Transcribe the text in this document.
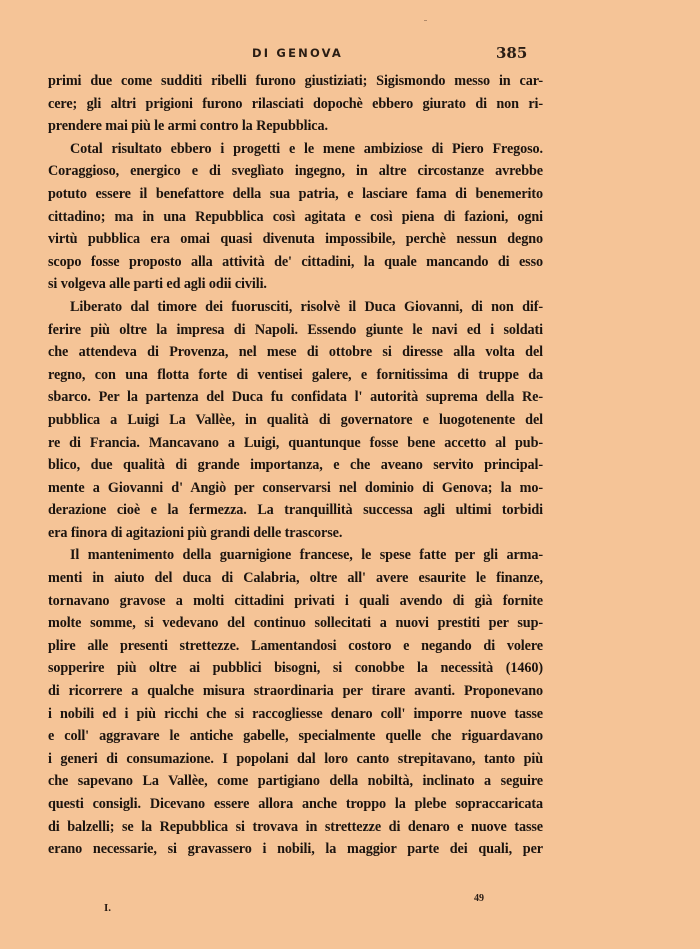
DI GENOVA	385
primi due come sudditi ribelli furono giustiziati; Sigismondo messo in car-
cere; gli altri prigioni furono rilasciati dopochè ebbero giurato di non ri-
prendere mai più le armi contro la Repubblica.
Cotal risultato ebbero i progetti e le mene ambiziose di Piero Fregoso.
Coraggioso, energico e di sveglìato ingegno, in altre circostanze avrebbe
potuto essere il benefattore della sua patria, e lasciare fama di benemerito
cittadino; ma in una Repubblica così agitata e così piena di fazioni, ogni
virtù pubblica era omai quasi divenuta impossibile, perchè nessun degno
scopo fosse proposto alla attività de' cittadini, la quale mancando di esso
si volgeva alle parti ed agli odii civili.
Liberato dal timore dei fuorusciti, risolvè il Duca Giovanni, di non dif-
ferire più oltre la impresa di Napoli. Essendo giunte le navi ed i soldati
che attendeva di Provenza, nel mese di ottobre si diresse alla volta del
regno, con una flotta forte di ventisei galere, e fornitissima di truppe da
sbarco. Per la partenza del Duca fu confidata l' autorità suprema della Re-
pubblica a Luigi La Vallèe, in qualità di governatore e luogotenente del
re di Francia. Mancavano a Luigi, quantunque fosse bene accetto al pub-
blico, due qualità di grande importanza, e che aveano servito principal-
mente a Giovanni d' Angiò per conservarsi nel dominio di Genova; la mo-
derazione cioè e la fermezza. La tranquillità successa agli ultimi torbidi
era finora di agitazioni più grandi delle trascorse.
Il mantenimento della guarnigione francese, le spese fatte per gli arma-
menti in aiuto del duca di Calabria, oltre all' avere esaurite le finanze,
tornavano gravose a molti cittadini privati i quali avendo di già fornite
molte somme, si vedevano del continuo sollecitati a nuovi prestiti per sup-
plire alle presenti strettezze. Lamentandosi costoro e negando di volere
sopperire più oltre ai pubblici bisogni, si conobbe la necessità (1460)
di ricorrere a qualche misura straordinaria per tirare avanti. Proponevano
i nobili ed i più ricchi che si raccogliesse denaro coll' imporre nuove tasse
e coll' aggravare le antiche gabelle, specialmente quelle che riguardavano
i generi di consumazione. I popolani dal loro canto strepitavano, tanto più
che sapevano La Vallèe, come partigiano della nobiltà, inclinato a seguire
questi consigli. Dicevano essere allora anche troppo la plebe sopraccaricata
di balzelli; se la Repubblica si trovava in strettezze di denaro e nuove tasse
erano necessarie, si gravassero i nobili, la maggior parte dei quali, per
I.
49
